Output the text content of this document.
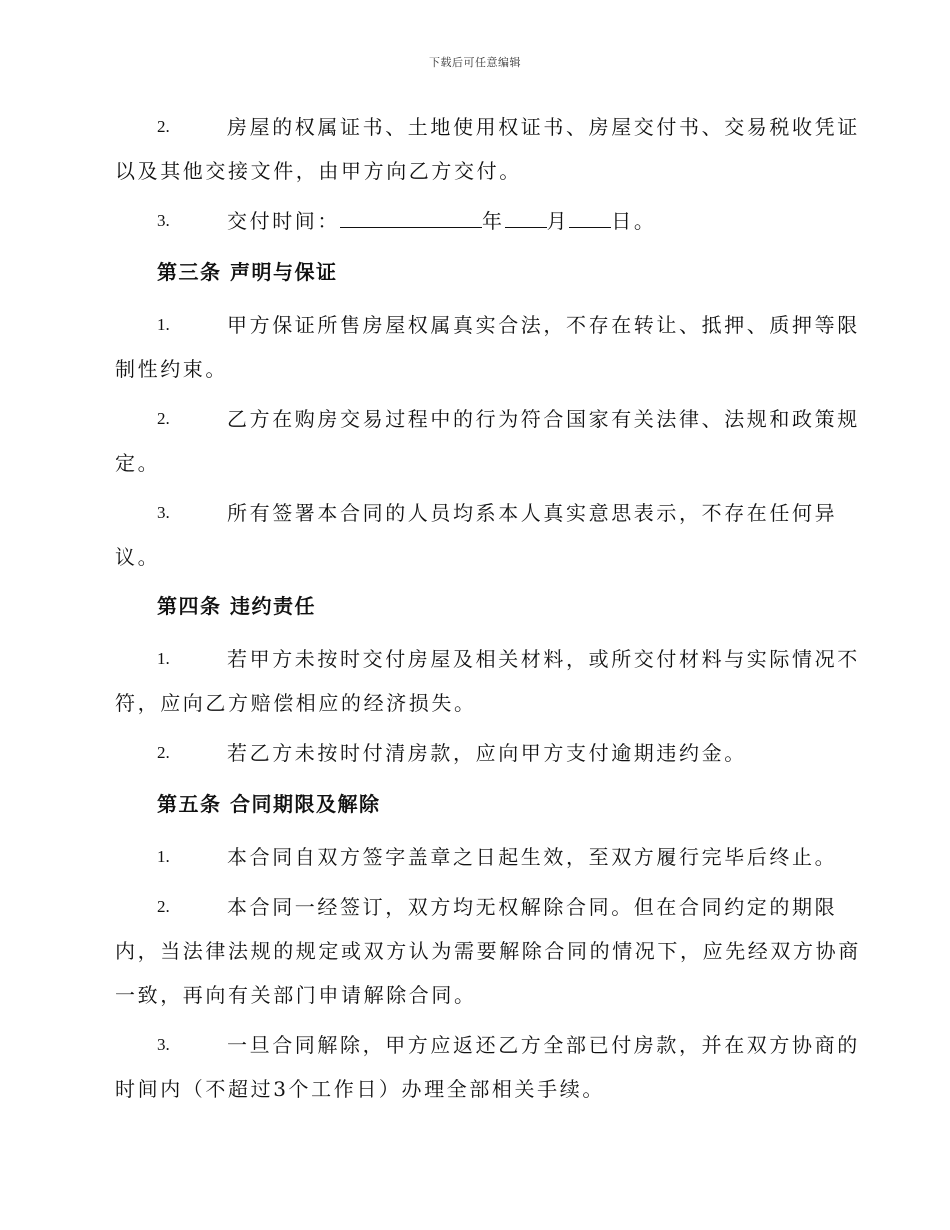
下载后可任意编辑
2.	房屋的权属证书、土地使用权证书、房屋交付书、交易税收凭证
以及其他交接文件，由甲方向乙方交付。
3.	交付时间：	年 月 日。
第三条 声明与保证
1.	甲方保证所售房屋权属真实合法，不存在转让、抵押、质押等限
制性约束。
2.	乙方在购房交易过程中的行为符合国家有关法律、法规和政策规
定。
3.	所有签署本合同的人员均系本人真实意思表示，不存在任何异
议。
第四条 违约责任
1.	若甲方未按时交付房屋及相关材料，或所交付材料与实际情况不
符，应向乙方赔偿相应的经济损失。
2.	若乙方未按时付清房款，应向甲方支付逾期违约金。
第五条 合同期限及解除
1.	本合同自双方签字盖章之日起生效，至双方履行完毕后终止。
2.	本合同一经签订，双方均无权解除合同。但在合同约定的期限
内，当法律法规的规定或双方认为需要解除合同的情况下，应先经双方协商
一致，再向有关部门申请解除合同。
3.	一旦合同解除，甲方应返还乙方全部已付房款，并在双方协商的
时间内（不超过3个工作日）办理全部相关手续。
